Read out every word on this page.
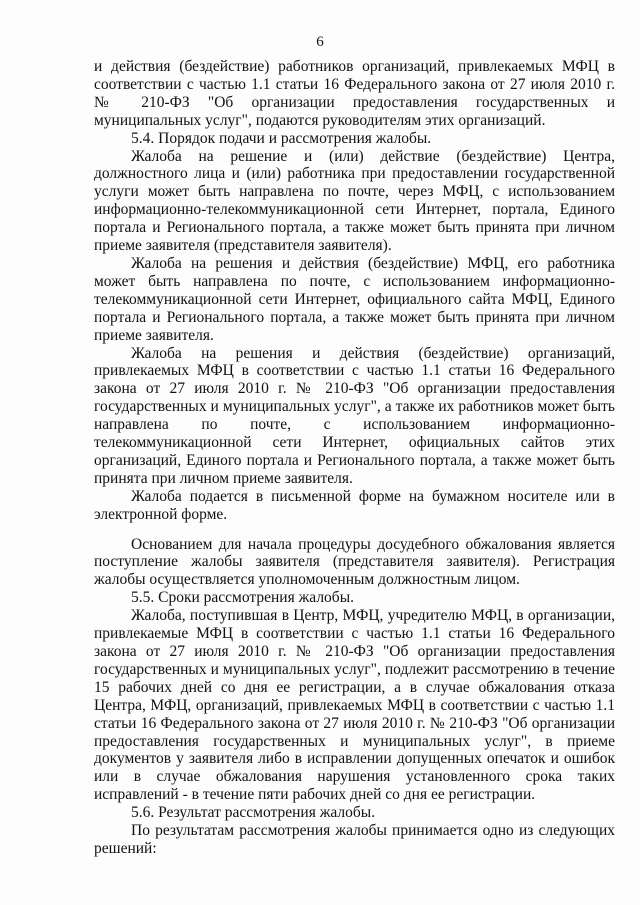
6

и действия (бездействие) работников организаций, привлекаемых МФЦ в соответствии с частью 1.1 статьи 16 Федерального закона от 27 июля 2010 г. № 210-ФЗ "Об организации предоставления государственных и муниципальных услуг", подаются руководителям этих организаций.

5.4. Порядок подачи и рассмотрения жалобы.

Жалоба на решение и (или) действие (бездействие) Центра, должностного лица и (или) работника при предоставлении государственной услуги может быть направлена по почте, через МФЦ, с использованием информационно-телекоммуникационной сети Интернет, портала, Единого портала и Регионального портала, а также может быть принята при личном приеме заявителя (представителя заявителя).

Жалоба на решения и действия (бездействие) МФЦ, его работника может быть направлена по почте, с использованием информационно-телекоммуникационной сети Интернет, официального сайта МФЦ, Единого портала и Регионального портала, а также может быть принята при личном приеме заявителя.

Жалоба на решения и действия (бездействие) организаций, привлекаемых МФЦ в соответствии с частью 1.1 статьи 16 Федерального закона от 27 июля 2010 г. № 210-ФЗ "Об организации предоставления государственных и муниципальных услуг", а также их работников может быть направлена по почте, с использованием информационно-телекоммуникационной сети Интернет, официальных сайтов этих организаций, Единого портала и Регионального портала, а также может быть принята при личном приеме заявителя.

Жалоба подается в письменной форме на бумажном носителе или в электронной форме.

Основанием для начала процедуры досудебного обжалования является поступление жалобы заявителя (представителя заявителя). Регистрация жалобы осуществляется уполномоченным должностным лицом.

5.5. Сроки рассмотрения жалобы.

Жалоба, поступившая в Центр, МФЦ, учредителю МФЦ, в организации, привлекаемые МФЦ в соответствии с частью 1.1 статьи 16 Федерального закона от 27 июля 2010 г. № 210-ФЗ "Об организации предоставления государственных и муниципальных услуг", подлежит рассмотрению в течение 15 рабочих дней со дня ее регистрации, а в случае обжалования отказа Центра, МФЦ, организаций, привлекаемых МФЦ в соответствии с частью 1.1 статьи 16 Федерального закона от 27 июля 2010 г. № 210-ФЗ "Об организации предоставления государственных и муниципальных услуг", в приеме документов у заявителя либо в исправлении допущенных опечаток и ошибок или в случае обжалования нарушения установленного срока таких исправлений - в течение пяти рабочих дней со дня ее регистрации.

5.6. Результат рассмотрения жалобы.

По результатам рассмотрения жалобы принимается одно из следующих решений:
